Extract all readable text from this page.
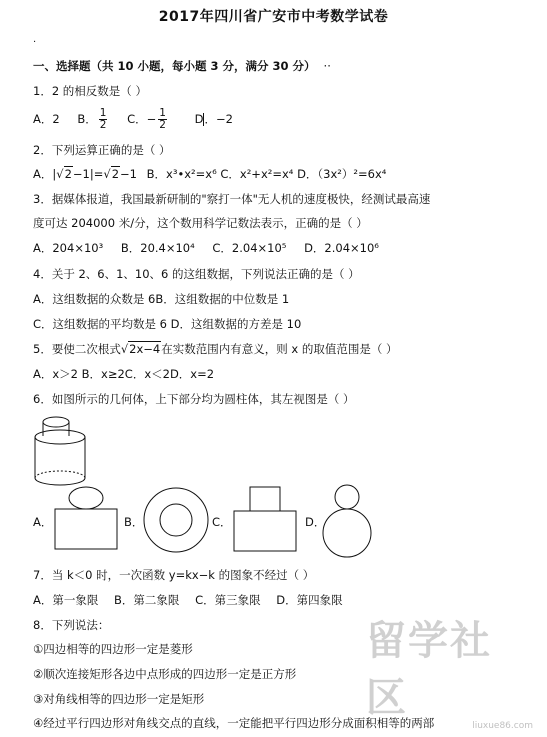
2017年四川省广安市中考数学试卷
·
一、选择题（共 10 小题，每小题 3 分，满分 30 分） ··
1．2 的相反数是（ ）
A．2 B． $\frac{1}{2}$ C．− $\frac{1}{2}$ D．−2
2．下列运算正确的是（ ）
A．|√2−1|=√2−1 B．x³•x²=x⁶ C．x²+x²=x⁴ D．（3x²）²=6x⁴
3．据媒体报道，我国最新研制的"察打一体"无人机的速度极快，经测试最高速
度可达 204000 米/分，这个数用科学记数法表示，正确的是（ ）
A．204×10³ B．20.4×10⁴ C．2.04×10⁵ D．2.04×10⁶
4．关于 2、6、1、10、6 的这组数据，下列说法正确的是（ ）
A．这组数据的众数是 6B．这组数据的中位数是 1
C．这组数据的平均数是 6 D．这组数据的方差是 10
5．要使二次根式√2x−4在实数范围内有意义，则 x 的取值范围是（ ）
A．x＞2 B．x≥2C．x＜2D．x=2
6．如图所示的几何体，上下部分均为圆柱体，其左视图是（ ）
A．	B．	C．	D．
7．当 k＜0 时，一次函数 y=kx−k 的图象不经过（ ）
A．第一象限 B．第二象限 C．第三象限 D．第四象限
8．下列说法：
①四边相等的四边形一定是菱形
②顺次连接矩形各边中点形成的四边形一定是正方形
③对角线相等的四边形一定是矩形
④经过平行四边形对角线交点的直线，一定能把平行四边形分成面积相等的两部
留学社区
liuxue86.com
